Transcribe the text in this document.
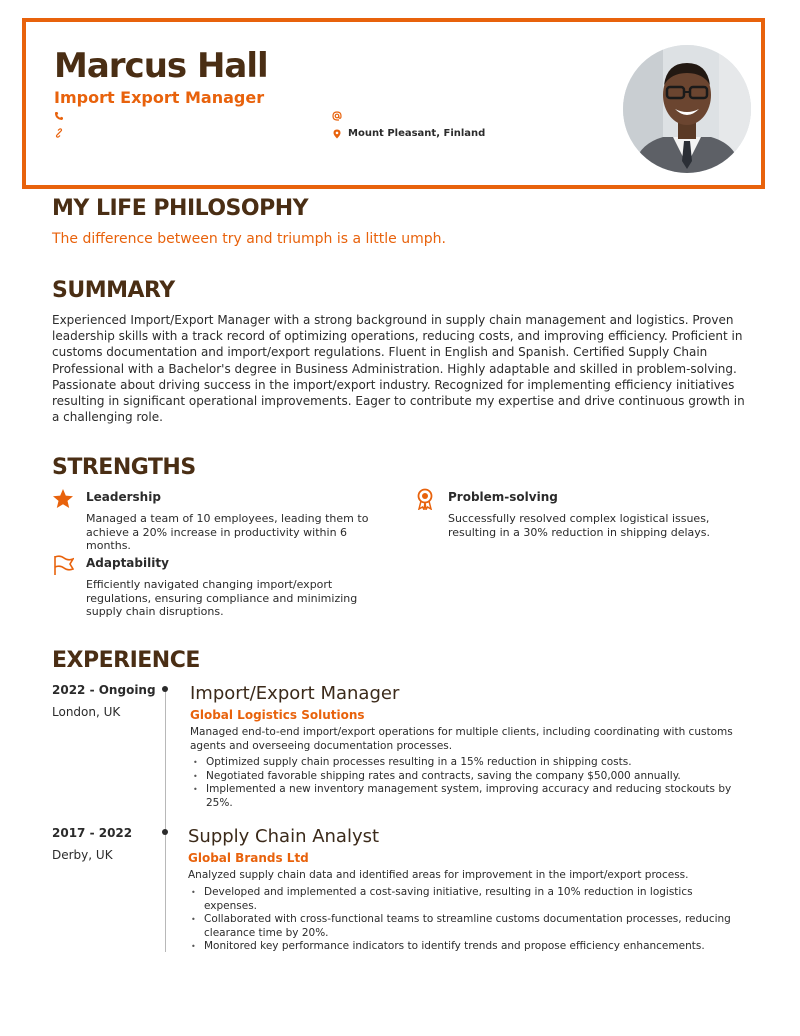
Marcus Hall
Import Export Manager
Mount Pleasant, Finland
MY LIFE PHILOSOPHY
The difference between try and triumph is a little umph.
SUMMARY
Experienced Import/Export Manager with a strong background in supply chain management and logistics. Proven leadership skills with a track record of optimizing operations, reducing costs, and improving efficiency. Proficient in customs documentation and import/export regulations. Fluent in English and Spanish. Certified Supply Chain Professional with a Bachelor's degree in Business Administration. Highly adaptable and skilled in problem-solving. Passionate about driving success in the import/export industry. Recognized for implementing efficiency initiatives resulting in significant operational improvements. Eager to contribute my expertise and drive continuous growth in a challenging role.
STRENGTHS
Leadership
Managed a team of 10 employees, leading them to achieve a 20% increase in productivity within 6 months.
Problem-solving
Successfully resolved complex logistical issues, resulting in a 30% reduction in shipping delays.
Adaptability
Efficiently navigated changing import/export regulations, ensuring compliance and minimizing supply chain disruptions.
EXPERIENCE
2022 - Ongoing
London, UK
Import/Export Manager
Global Logistics Solutions
Managed end-to-end import/export operations for multiple clients, including coordinating with customs agents and overseeing documentation processes.
• Optimized supply chain processes resulting in a 15% reduction in shipping costs.
• Negotiated favorable shipping rates and contracts, saving the company $50,000 annually.
• Implemented a new inventory management system, improving accuracy and reducing stockouts by 25%.
2017 - 2022
Derby, UK
Supply Chain Analyst
Global Brands Ltd
Analyzed supply chain data and identified areas for improvement in the import/export process.
• Developed and implemented a cost-saving initiative, resulting in a 10% reduction in logistics expenses.
• Collaborated with cross-functional teams to streamline customs documentation processes, reducing clearance time by 20%.
• Monitored key performance indicators to identify trends and propose efficiency enhancements.
